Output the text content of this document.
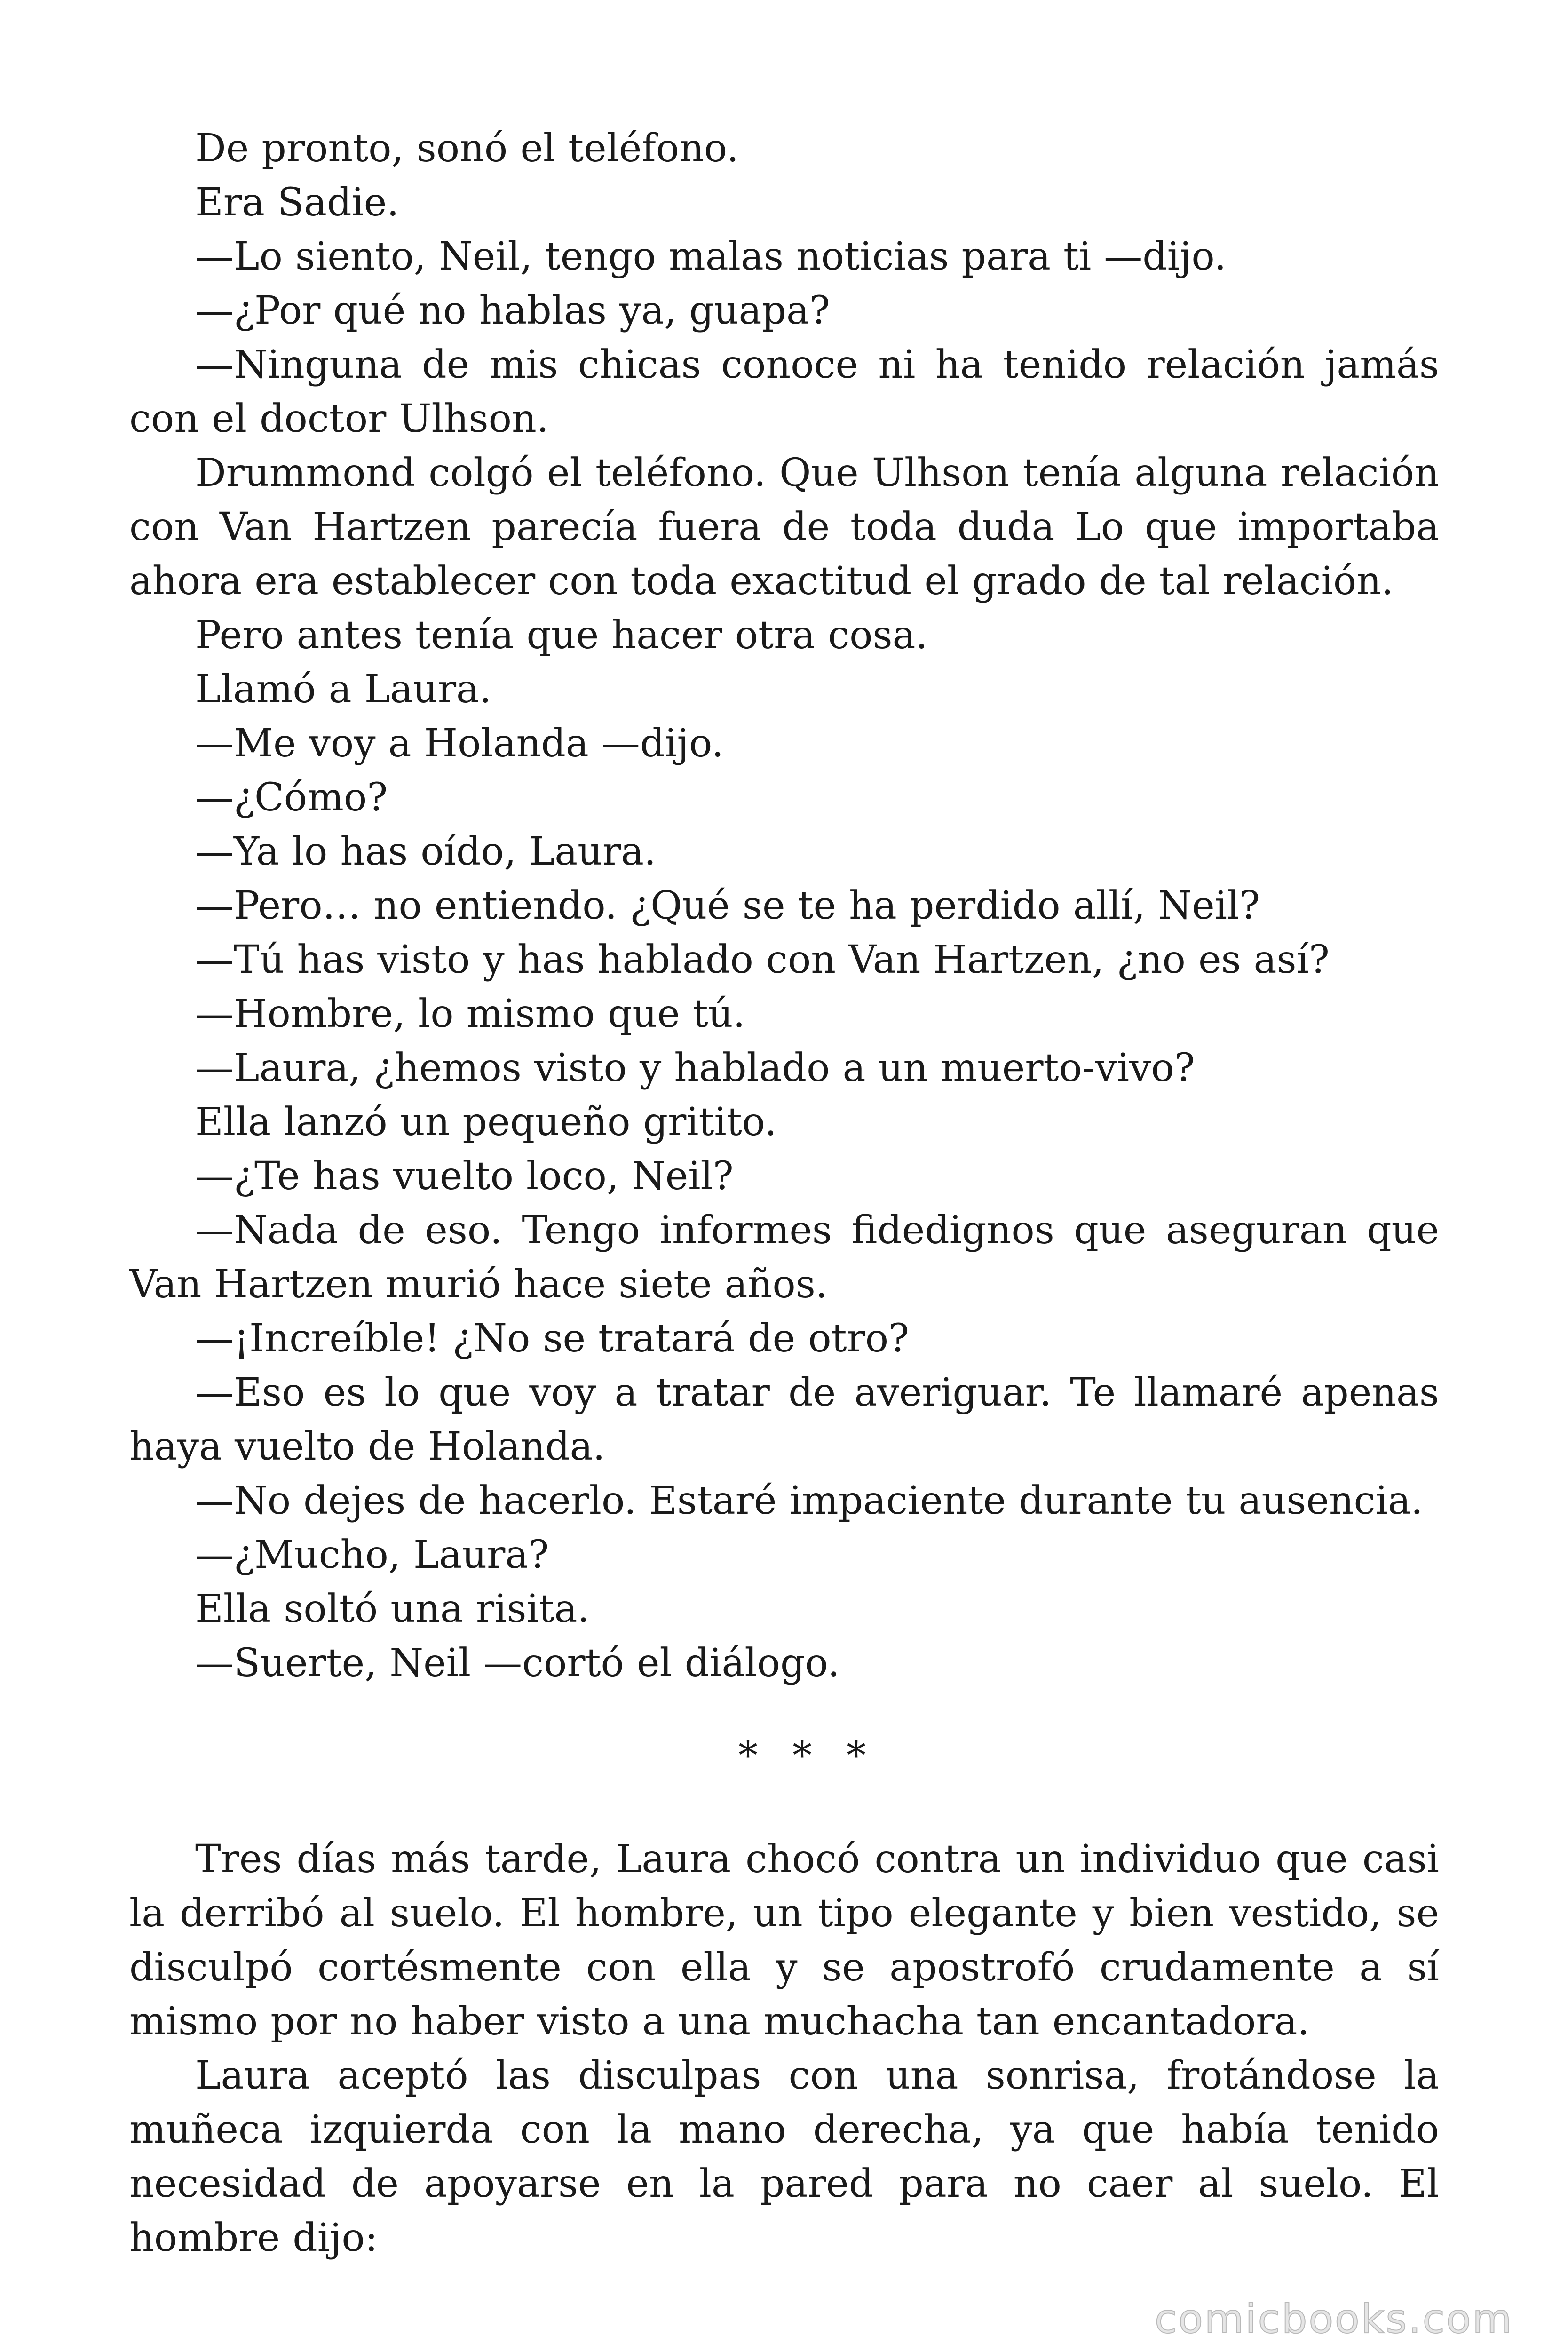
De pronto, sonó el teléfono.

Era Sadie.

—Lo siento, Neil, tengo malas noticias para ti —dijo.

—¿Por qué no hablas ya, guapa?

—Ninguna de mis chicas conoce ni ha tenido relación jamás con el doctor Ulhson.

Drummond colgó el teléfono. Que Ulhson tenía alguna relación con Van Hartzen parecía fuera de toda duda Lo que importaba ahora era establecer con toda exactitud el grado de tal relación.

Pero antes tenía que hacer otra cosa.

Llamó a Laura.

—Me voy a Holanda —dijo.

—¿Cómo?

—Ya lo has oído, Laura.

—Pero… no entiendo. ¿Qué se te ha perdido allí, Neil?

—Tú has visto y has hablado con Van Hartzen, ¿no es así?

—Hombre, lo mismo que tú.

—Laura, ¿hemos visto y hablado a un muerto-vivo?

Ella lanzó un pequeño gritito.

—¿Te has vuelto loco, Neil?

—Nada de eso. Tengo informes fidedignos que aseguran que Van Hartzen murió hace siete años.

—¡Increíble! ¿No se tratará de otro?

—Eso es lo que voy a tratar de averiguar. Te llamaré apenas haya vuelto de Holanda.

—No dejes de hacerlo. Estaré impaciente durante tu ausencia.

—¿Mucho, Laura?

Ella soltó una risita.

—Suerte, Neil —cortó el diálogo.

* * *

Tres días más tarde, Laura chocó contra un individuo que casi la derribó al suelo. El hombre, un tipo elegante y bien vestido, se disculpó cortésmente con ella y se apostrofó crudamente a sí mismo por no haber visto a una muchacha tan encantadora.

Laura aceptó las disculpas con una sonrisa, frotándose la muñeca izquierda con la mano derecha, ya que había tenido necesidad de apoyarse en la pared para no caer al suelo. El hombre dijo:

comicbooks.com
